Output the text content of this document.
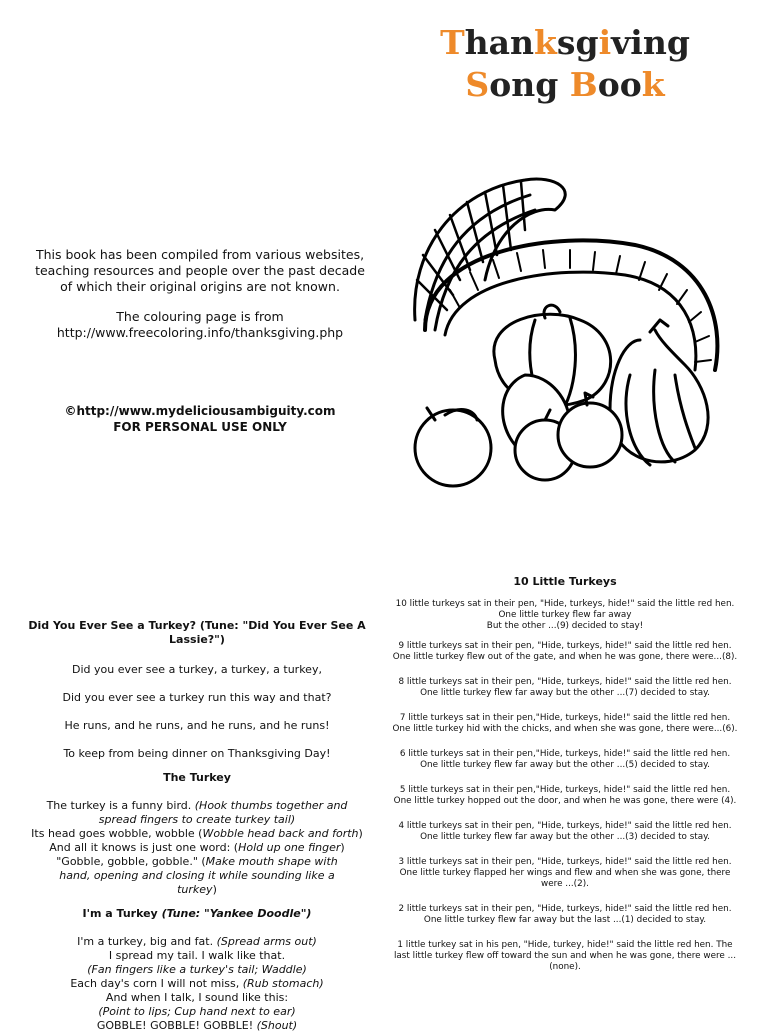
Thanksgiving
Song Book

This book has been compiled from various websites, teaching resources and people over the past decade of which their original origins are not known.

The colouring page is from http://www.freecoloring.info/thanksgiving.php

©http://www.mydeliciousambiguity.com
FOR PERSONAL USE ONLY
Did You Ever See a Turkey? (Tune: "Did You Ever See A Lassie?")

Did you ever see a turkey, a turkey, a turkey,

Did you ever see a turkey run this way and that?

He runs, and he runs, and he runs, and he runs!

To keep from being dinner on Thanksgiving Day!

The Turkey

The turkey is a funny bird. (Hook thumbs together and spread fingers to create turkey tail)

Its head goes wobble, wobble (Wobble head back and forth)

And all it knows is just one word: (Hold up one finger)

"Gobble, gobble, gobble." (Make mouth shape with hand, opening and closing it while sounding like a turkey)

I'm a Turkey (Tune: "Yankee Doodle")

I'm a turkey, big and fat. (Spread arms out)

I spread my tail. I walk like that.

(Fan fingers like a turkey's tail; Waddle)

Each day's corn I will not miss, (Rub stomach)

And when I talk, I sound like this:

(Point to lips; Cup hand next to ear)

GOBBLE! GOBBLE! GOBBLE! (Shout)

10 Little Turkeys

10 little turkeys sat in their pen, "Hide, turkeys, hide!" said the little red hen. One little turkey flew far away
But the other ...(9) decided to stay!

9 little turkeys sat in their pen, "Hide, turkeys, hide!" said the little red hen. One little turkey flew out of the gate, and when he was gone, there were...(8).

8 little turkeys sat in their pen, "Hide, turkeys, hide!" said the little red hen. One little turkey flew far away but the other ...(7) decided to stay.

7 little turkeys sat in their pen,"Hide, turkeys, hide!" said the little red hen. One little turkey hid with the chicks, and when she was gone, there were...(6).

6 little turkeys sat in their pen,"Hide, turkeys, hide!" said the little red hen. One little turkey flew far away but the other ...(5) decided to stay.

5 little turkeys sat in their pen,"Hide, turkeys, hide!" said the little red hen. One little turkey hopped out the door, and when he was gone, there were (4).

4 little turkeys sat in their pen, "Hide, turkeys, hide!" said the little red hen. One little turkey flew far away but the other ...(3) decided to stay.

3 little turkeys sat in their pen, "Hide, turkeys, hide!" said the little red hen. One little turkey flapped her wings and flew and when she was gone, there were ...(2).

2 little turkeys sat in their pen, "Hide, turkeys, hide!" said the little red hen. One little turkey flew far away but the last ...(1) decided to stay.

1 little turkey sat in his pen, "Hide, turkey, hide!" said the little red hen. The last little turkey flew off toward the sun and when he was gone, there were ...(none).
